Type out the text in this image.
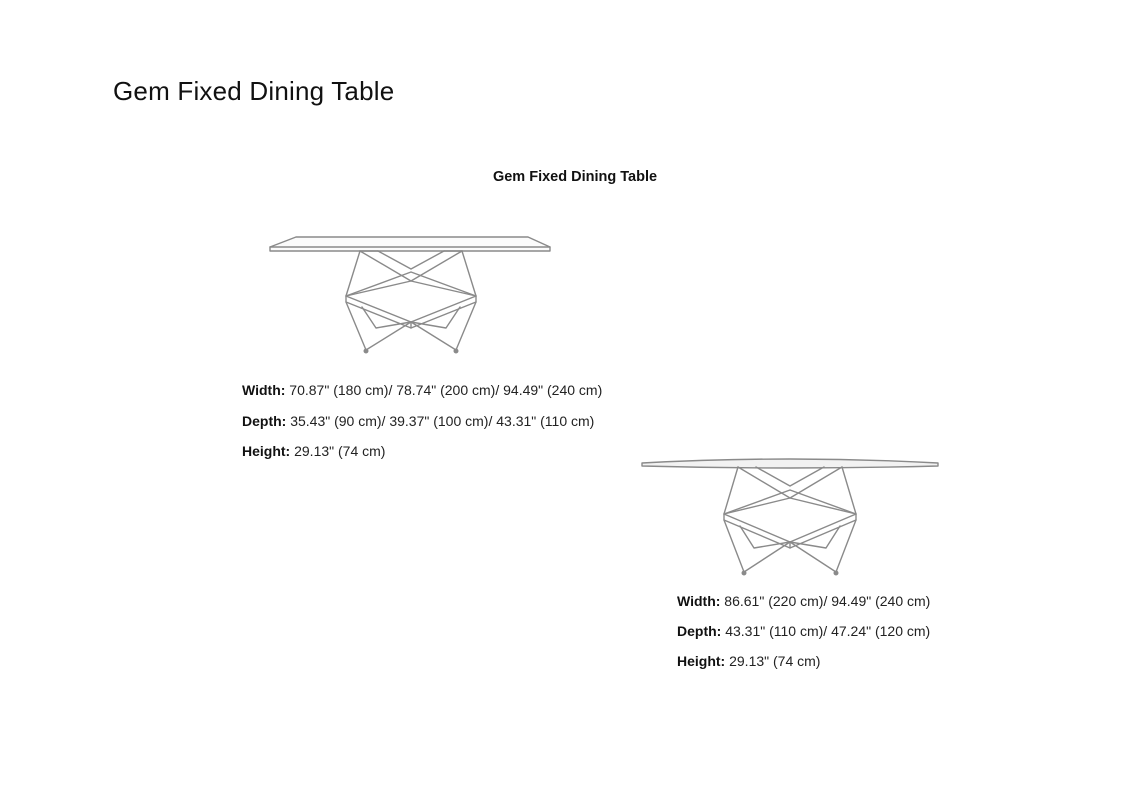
Gem Fixed Dining Table
Gem Fixed Dining Table
Width: 70.87" (180 cm)/ 78.74" (200 cm)/ 94.49" (240 cm)
Depth: 35.43" (90 cm)/ 39.37" (100 cm)/ 43.31" (110 cm)
Height: 29.13" (74 cm)
Width: 86.61" (220 cm)/ 94.49" (240 cm)
Depth: 43.31" (110 cm)/ 47.24" (120 cm)
Height: 29.13" (74 cm)
